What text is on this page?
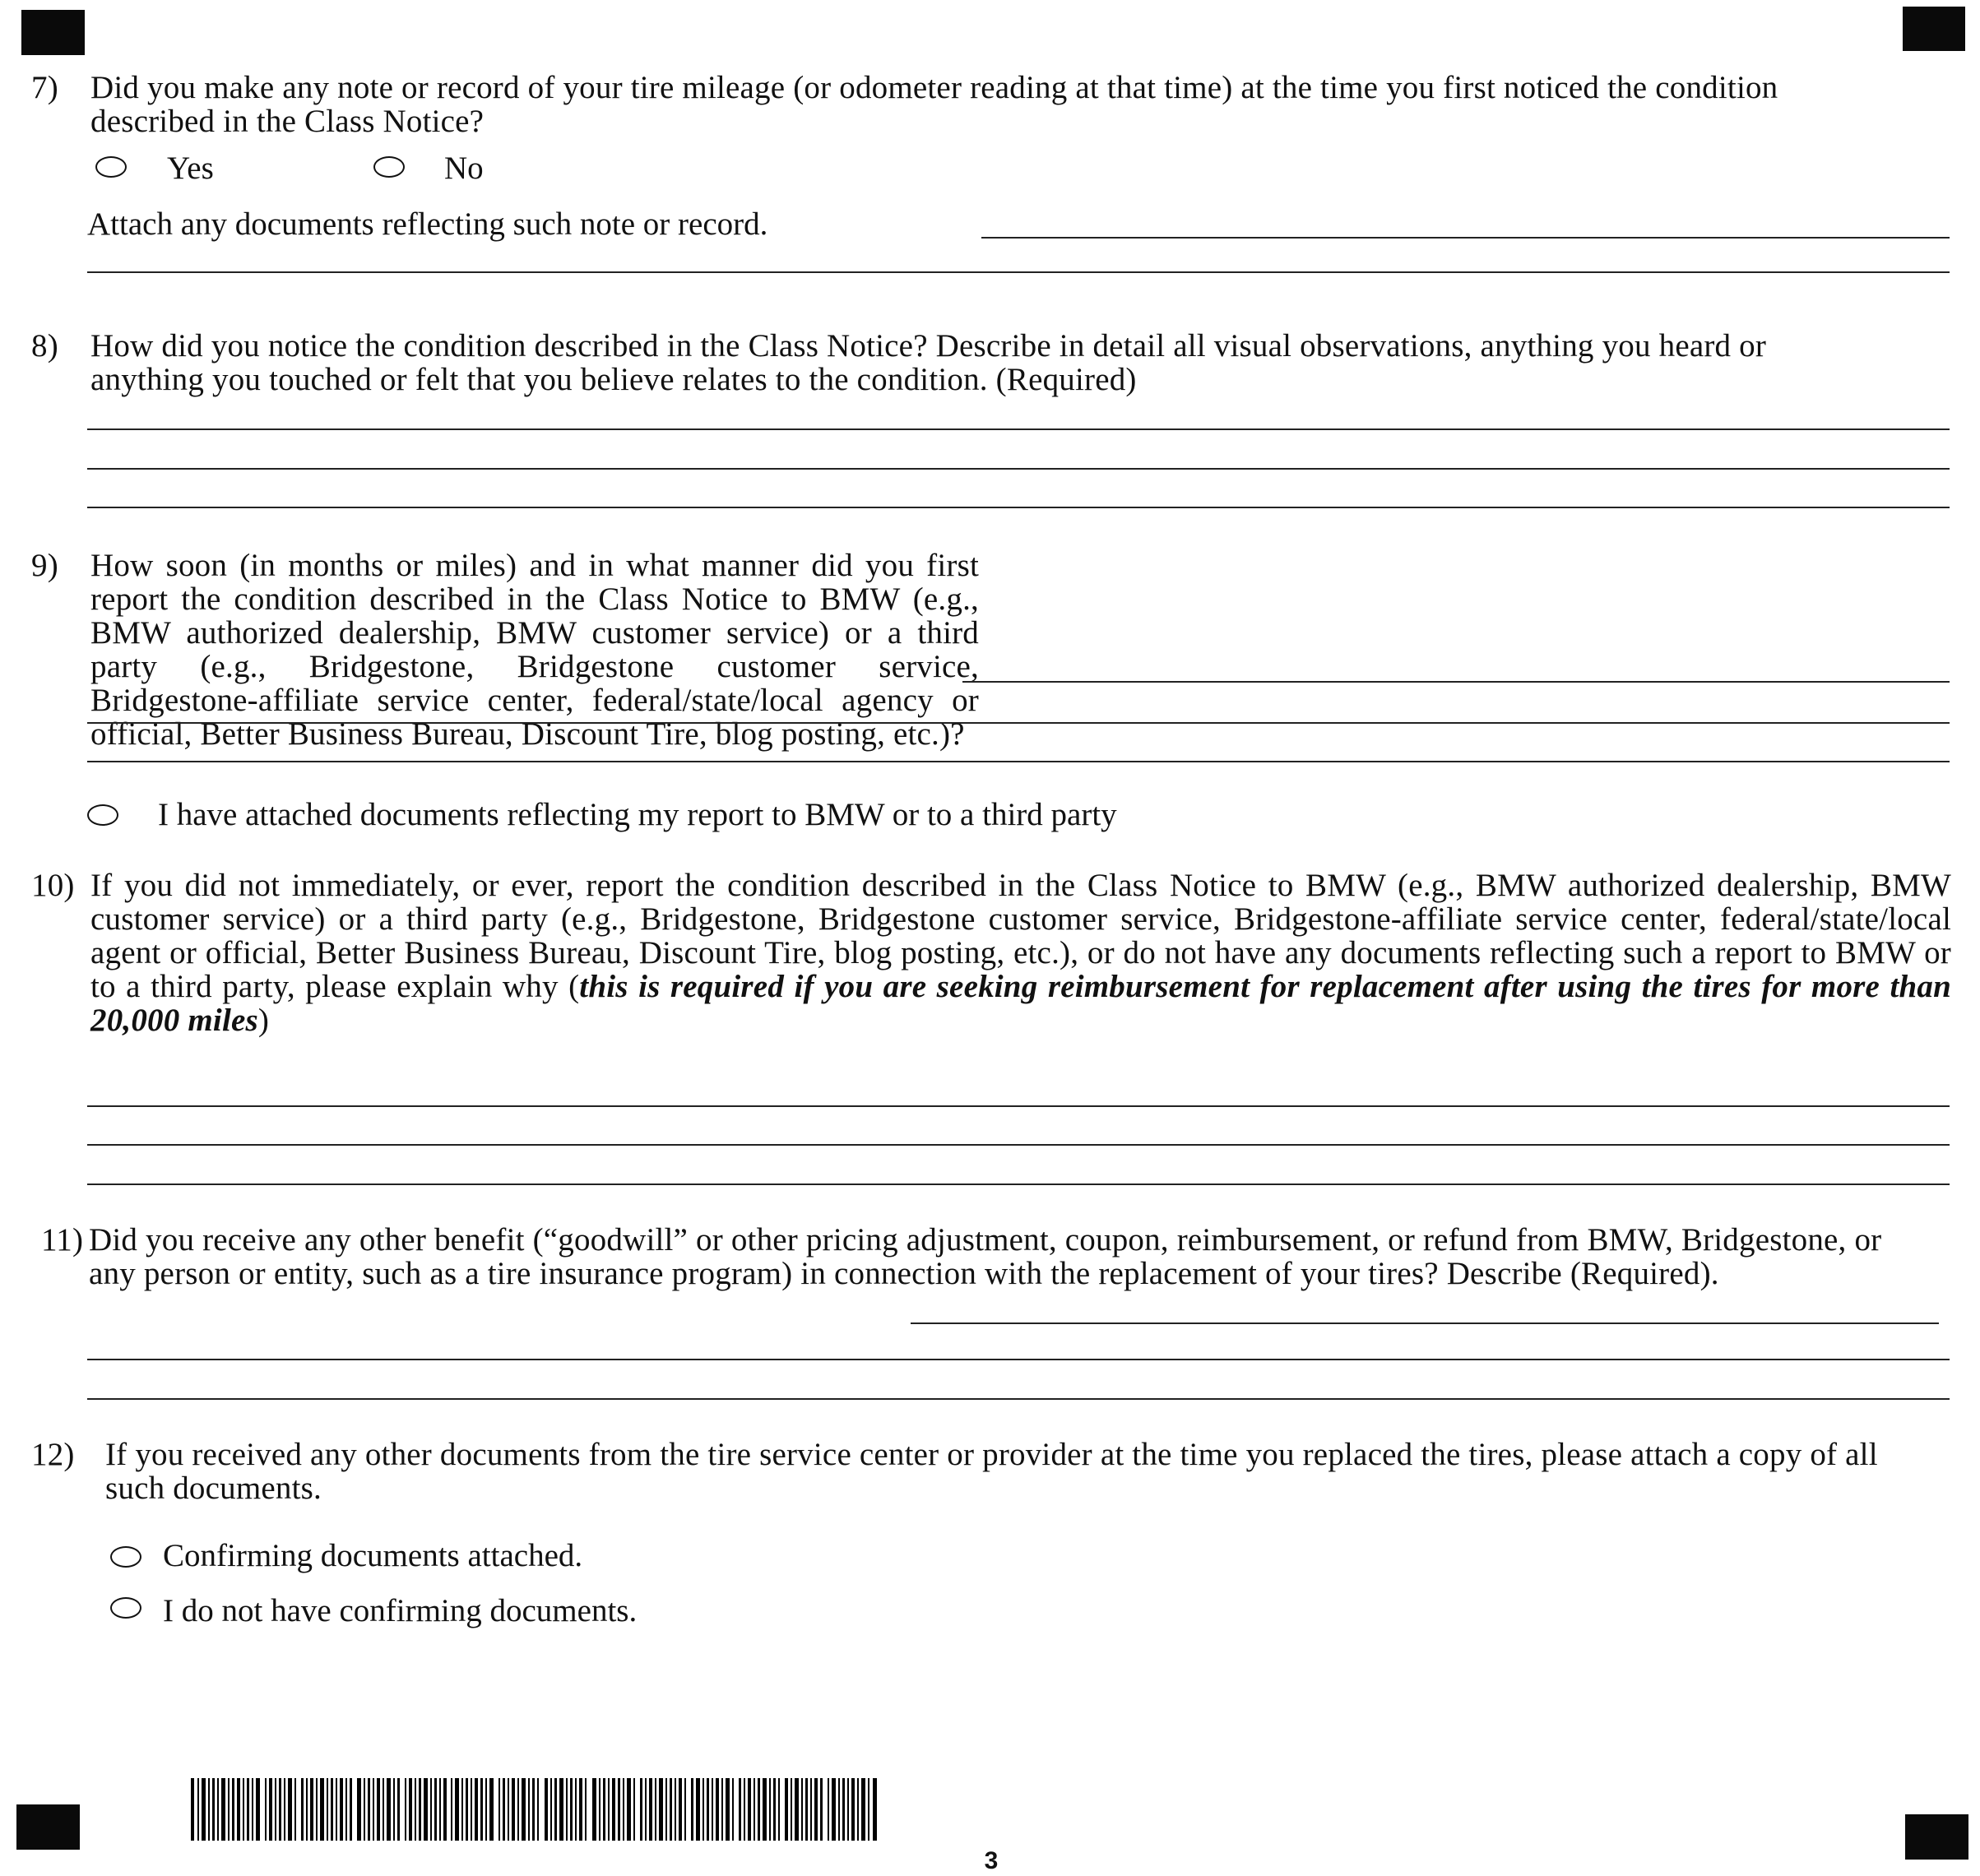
7) Did you make any note or record of your tire mileage (or odometer reading at that time) at the time you first noticed the condition described in the Class Notice?
Yes	No
Attach any documents reflecting such note or record.
8) How did you notice the condition described in the Class Notice? Describe in detail all visual observations, anything you heard or anything you touched or felt that you believe relates to the condition. (Required)
9) How soon (in months or miles) and in what manner did you first report the condition described in the Class Notice to BMW (e.g., BMW authorized dealership, BMW customer service) or a third party (e.g., Bridgestone, Bridgestone customer service, Bridgestone-affiliate service center, federal/state/local agency or official, Better Business Bureau, Discount Tire, blog posting, etc.)?
I have attached documents reflecting my report to BMW or to a third party
10) If you did not immediately, or ever, report the condition described in the Class Notice to BMW (e.g., BMW authorized dealership, BMW customer service) or a third party (e.g., Bridgestone, Bridgestone customer service, Bridgestone-affiliate service center, federal/state/local agent or official, Better Business Bureau, Discount Tire, blog posting, etc.), or do not have any documents reflecting such a report to BMW or to a third party, please explain why (this is required if you are seeking reimbursement for replacement after using the tires for more than 20,000 miles)
11) Did you receive any other benefit (“goodwill” or other pricing adjustment, coupon, reimbursement, or refund from BMW, Bridgestone, or any person or entity, such as a tire insurance program) in connection with the replacement of your tires? Describe (Required).
12) If you received any other documents from the tire service center or provider at the time you replaced the tires, please attach a copy of all such documents.
Confirming documents attached.
I do not have confirming documents.
3
